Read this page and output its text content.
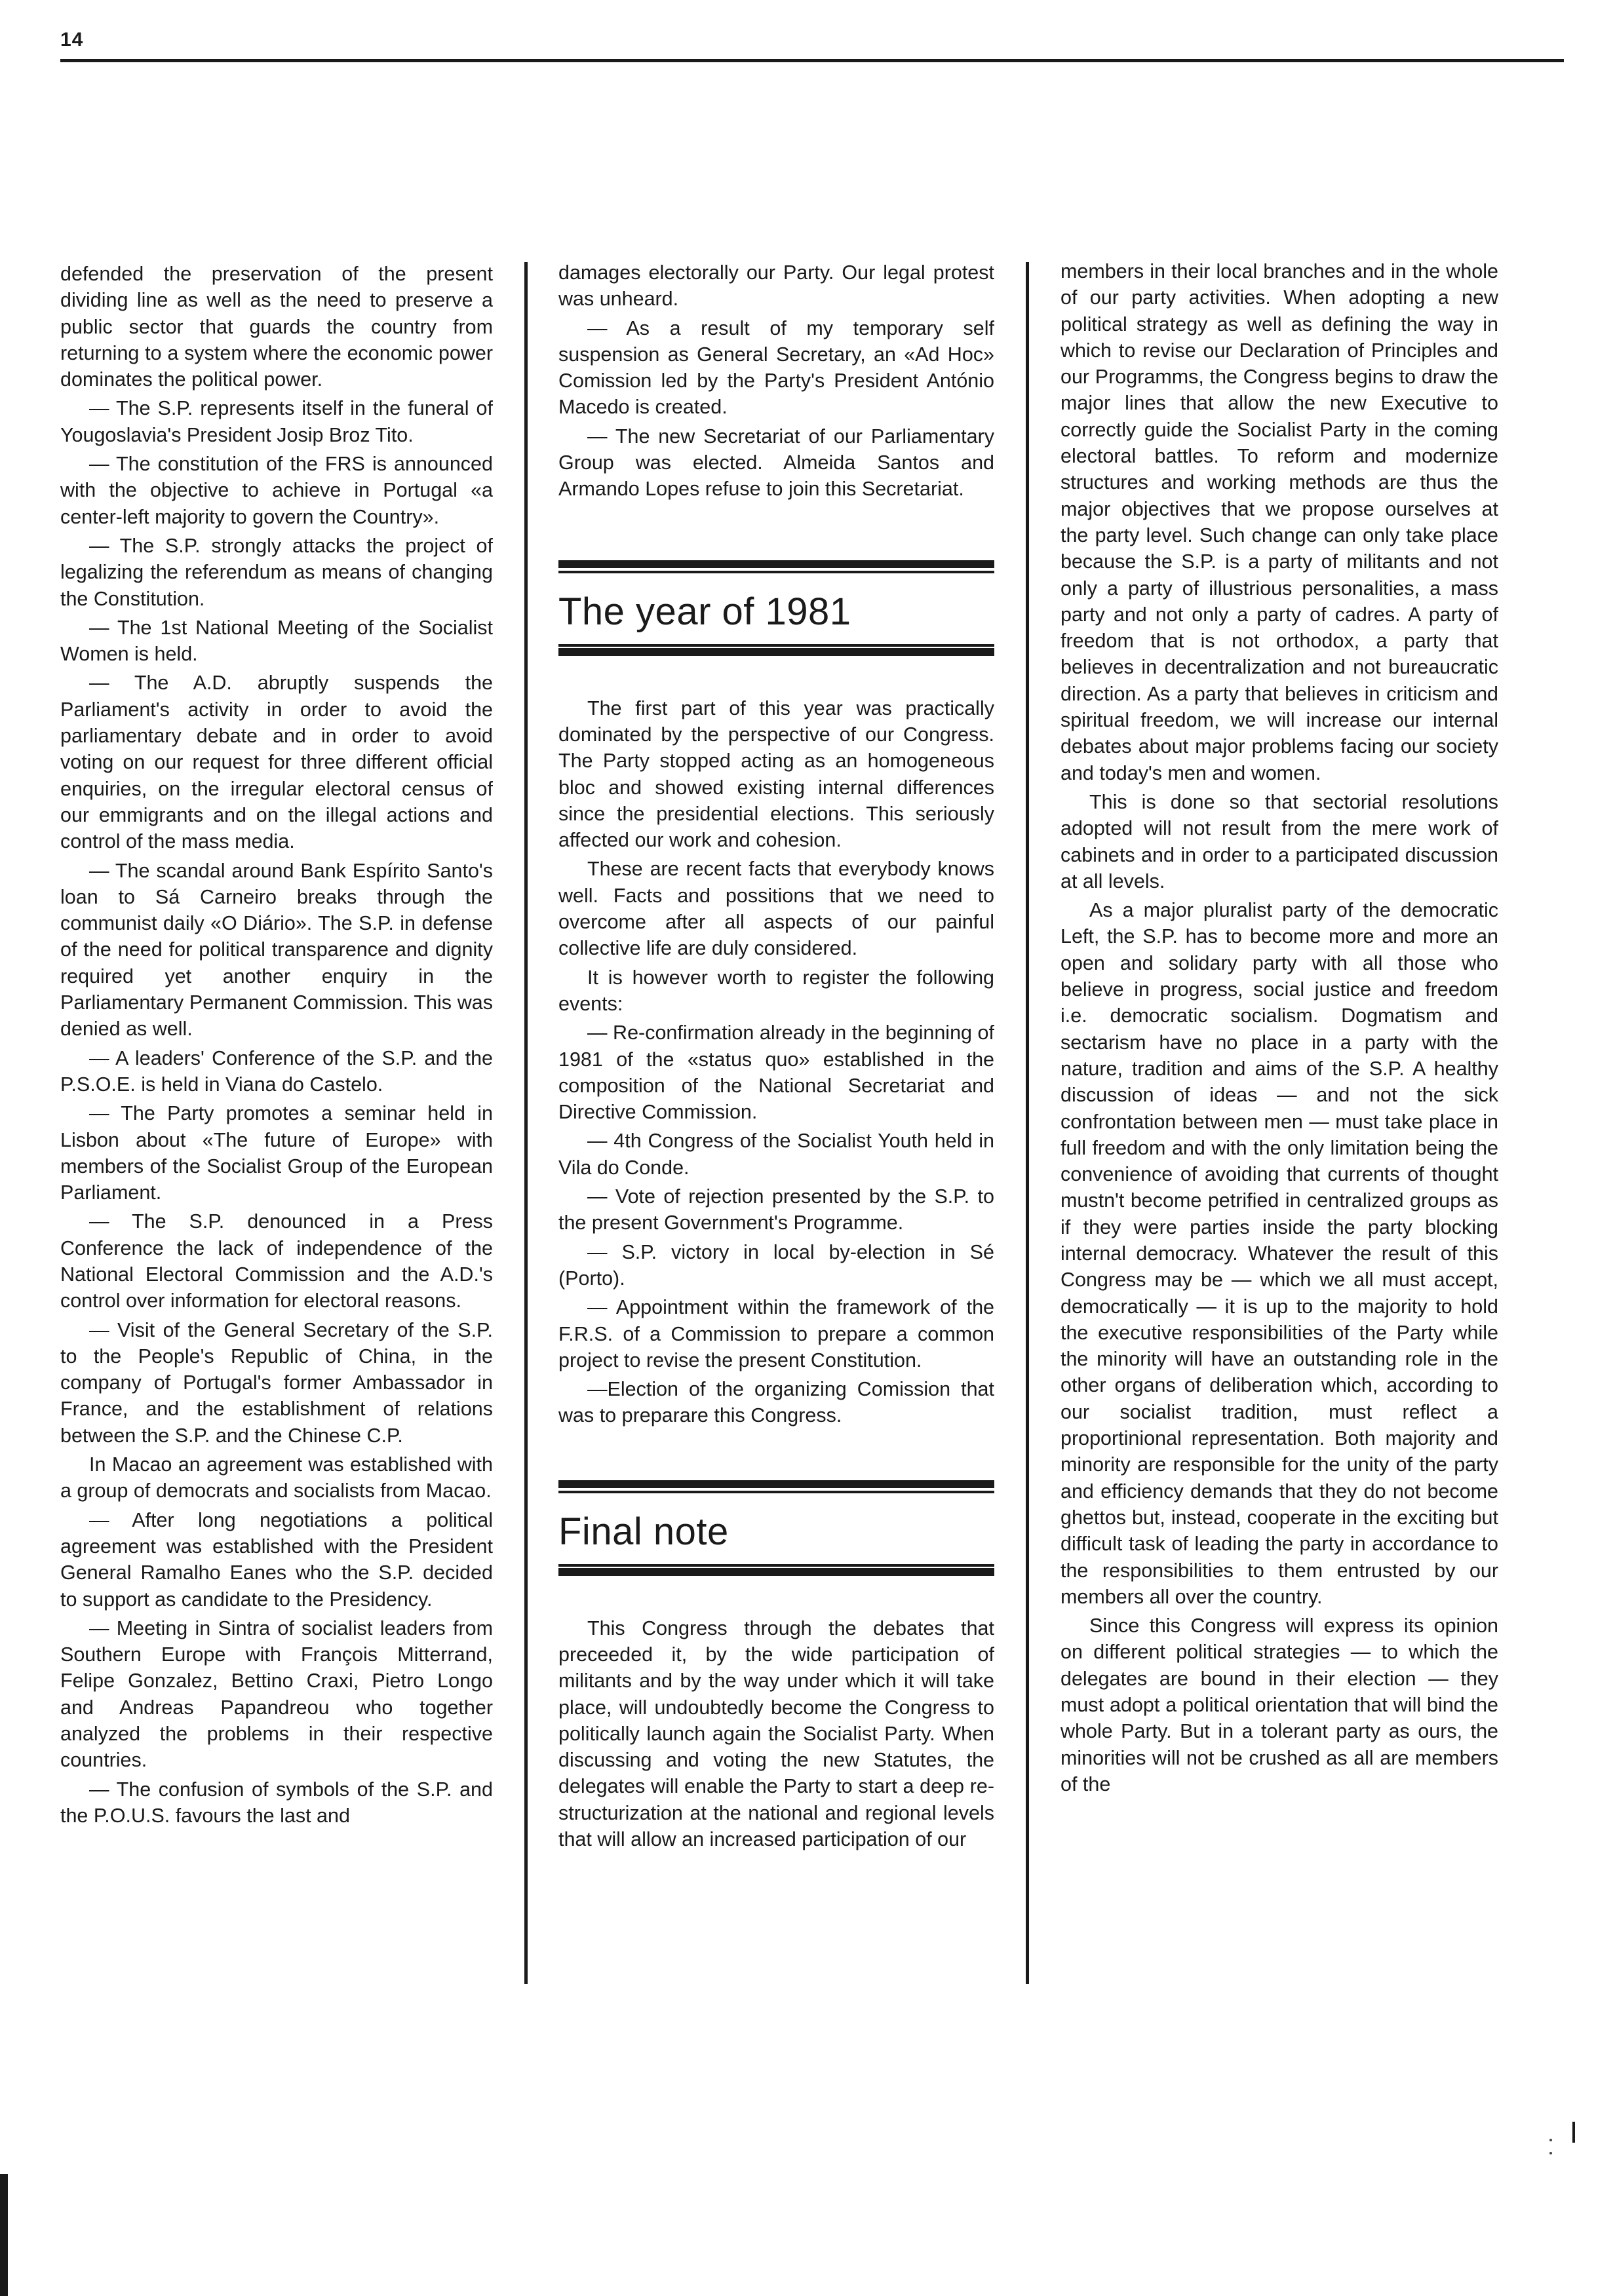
14

defended the preservation of the present dividing line as well as the need to preserve a public sector that guards the country from returning to a system where the economic power dominates the political power.

— The S.P. represents itself in the funeral of Yougoslavia's President Josip Broz Tito.

— The constitution of the FRS is announced with the objective to achieve in Portugal «a center-left majority to govern the Country».

— The S.P. strongly attacks the project of legalizing the referendum as means of changing the Constitution.

— The 1st National Meeting of the Socialist Women is held.

— The A.D. abruptly suspends the Parliament's activity in order to avoid the parliamentary debate and in order to avoid voting on our request for three different official enquiries, on the irregular electoral census of our emmigrants and on the illegal actions and control of the mass media.

— The scandal around Bank Espírito Santo's loan to Sá Carneiro breaks through the communist daily «O Diário». The S.P. in defense of the need for political transparence and dignity required yet another enquiry in the Parliamentary Permanent Commission. This was denied as well.

— A leaders' Conference of the S.P. and the P.S.O.E. is held in Viana do Castelo.

— The Party promotes a seminar held in Lisbon about «The future of Europe» with members of the Socialist Group of the European Parliament.

— The S.P. denounced in a Press Conference the lack of independence of the National Electoral Commission and the A.D.'s control over information for electoral reasons.

— Visit of the General Secretary of the S.P. to the People's Republic of China, in the company of Portugal's former Ambassador in France, and the establishment of relations between the S.P. and the Chinese C.P.

In Macao an agreement was established with a group of democrats and socialists from Macao.

— After long negotiations a political agreement was established with the President General Ramalho Eanes who the S.P. decided to support as candidate to the Presidency.

— Meeting in Sintra of socialist leaders from Southern Europe with François Mitterrand, Felipe Gonzalez, Bettino Craxi, Pietro Longo and Andreas Papandreou who together analyzed the problems in their respective countries.

— The confusion of symbols of the S.P. and the P.O.U.S. favours the last and

damages electorally our Party. Our legal protest was unheard.

— As a result of my temporary self suspension as General Secretary, an «Ad Hoc» Comission led by the Party's President António Macedo is created.

— The new Secretariat of our Parliamentary Group was elected. Almeida Santos and Armando Lopes refuse to join this Secretariat.

The year of 1981

The first part of this year was practically dominated by the perspective of our Congress. The Party stopped acting as an homogeneous bloc and showed existing internal differences since the presidential elections. This seriously affected our work and cohesion.

These are recent facts that everybody knows well. Facts and possitions that we need to overcome after all aspects of our painful collective life are duly considered.

It is however worth to register the following events:

— Re-confirmation already in the beginning of 1981 of the «status quo» established in the composition of the National Secretariat and Directive Commission.

— 4th Congress of the Socialist Youth held in Vila do Conde.

— Vote of rejection presented by the S.P. to the present Government's Programme.

— S.P. victory in local by-election in Sé (Porto).

— Appointment within the framework of the F.R.S. of a Commission to prepare a common project to revise the present Constitution.

—Election of the organizing Comission that was to preparare this Congress.

Final note

This Congress through the debates that preceeded it, by the wide participation of militants and by the way under which it will take place, will undoubtedly become the Congress to politically launch again the Socialist Party. When discussing and voting the new Statutes, the delegates will enable the Party to start a deep re-structurization at the national and regional levels that will allow an increased participation of our

members in their local branches and in the whole of our party activities. When adopting a new political strategy as well as defining the way in which to revise our Declaration of Principles and our Programms, the Congress begins to draw the major lines that allow the new Executive to correctly guide the Socialist Party in the coming electoral battles. To reform and modernize structures and working methods are thus the major objectives that we propose ourselves at the party level. Such change can only take place because the S.P. is a party of militants and not only a party of illustrious personalities, a mass party and not only a party of cadres. A party of freedom that is not orthodox, a party that believes in decentralization and not bureaucratic direction. As a party that believes in criticism and spiritual freedom, we will increase our internal debates about major problems facing our society and today's men and women.

This is done so that sectorial resolutions adopted will not result from the mere work of cabinets and in order to a participated discussion at all levels.

As a major pluralist party of the democratic Left, the S.P. has to become more and more an open and solidary party with all those who believe in progress, social justice and freedom i.e. democratic socialism. Dogmatism and sectarism have no place in a party with the nature, tradition and aims of the S.P. A healthy discussion of ideas — and not the sick confrontation between men — must take place in full freedom and with the only limitation being the convenience of avoiding that currents of thought mustn't become petrified in centralized groups as if they were parties inside the party blocking internal democracy. Whatever the result of this Congress may be — which we all must accept, democratically — it is up to the majority to hold the executive responsibilities of the Party while the minority will have an outstanding role in the other organs of deliberation which, according to our socialist tradition, must reflect a proportinional representation. Both majority and minority are responsible for the unity of the party and efficiency demands that they do not become ghettos but, instead, cooperate in the exciting but difficult task of leading the party in accordance to the responsibilities to them entrusted by our members all over the country.

Since this Congress will express its opinion on different political strategies — to which the delegates are bound in their election — they must adopt a political orientation that will bind the whole Party. But in a tolerant party as ours, the minorities will not be crushed as all are members of the
